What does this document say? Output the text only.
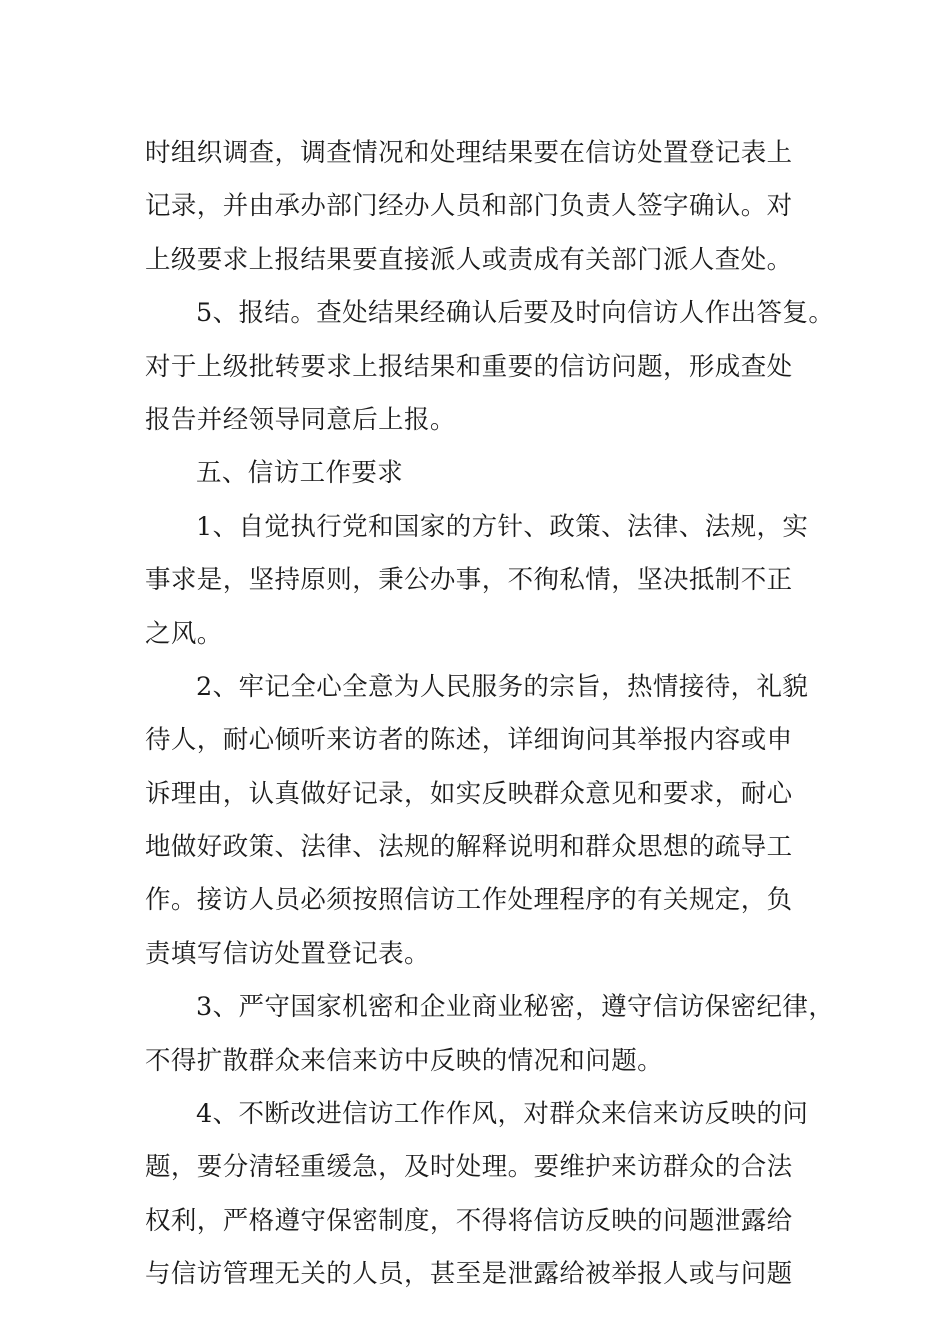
时组织调查，调查情况和处理结果要在信访处置登记表上
记录，并由承办部门经办人员和部门负责人签字确认。对
上级要求上报结果要直接派人或责成有关部门派人查处。
5、报结。查处结果经确认后要及时向信访人作出答复。
对于上级批转要求上报结果和重要的信访问题，形成查处
报告并经领导同意后上报。
五、信访工作要求
1、自觉执行党和国家的方针、政策、法律、法规，实
事求是，坚持原则，秉公办事，不徇私情，坚决抵制不正
之风。
2、牢记全心全意为人民服务的宗旨，热情接待，礼貌
待人，耐心倾听来访者的陈述，详细询问其举报内容或申
诉理由，认真做好记录，如实反映群众意见和要求，耐心
地做好政策、法律、法规的解释说明和群众思想的疏导工
作。接访人员必须按照信访工作处理程序的有关规定，负
责填写信访处置登记表。
3、严守国家机密和企业商业秘密，遵守信访保密纪律，
不得扩散群众来信来访中反映的情况和问题。
4、不断改进信访工作作风，对群众来信来访反映的问
题，要分清轻重缓急，及时处理。要维护来访群众的合法
权利，严格遵守保密制度，不得将信访反映的问题泄露给
与信访管理无关的人员，甚至是泄露给被举报人或与问题
